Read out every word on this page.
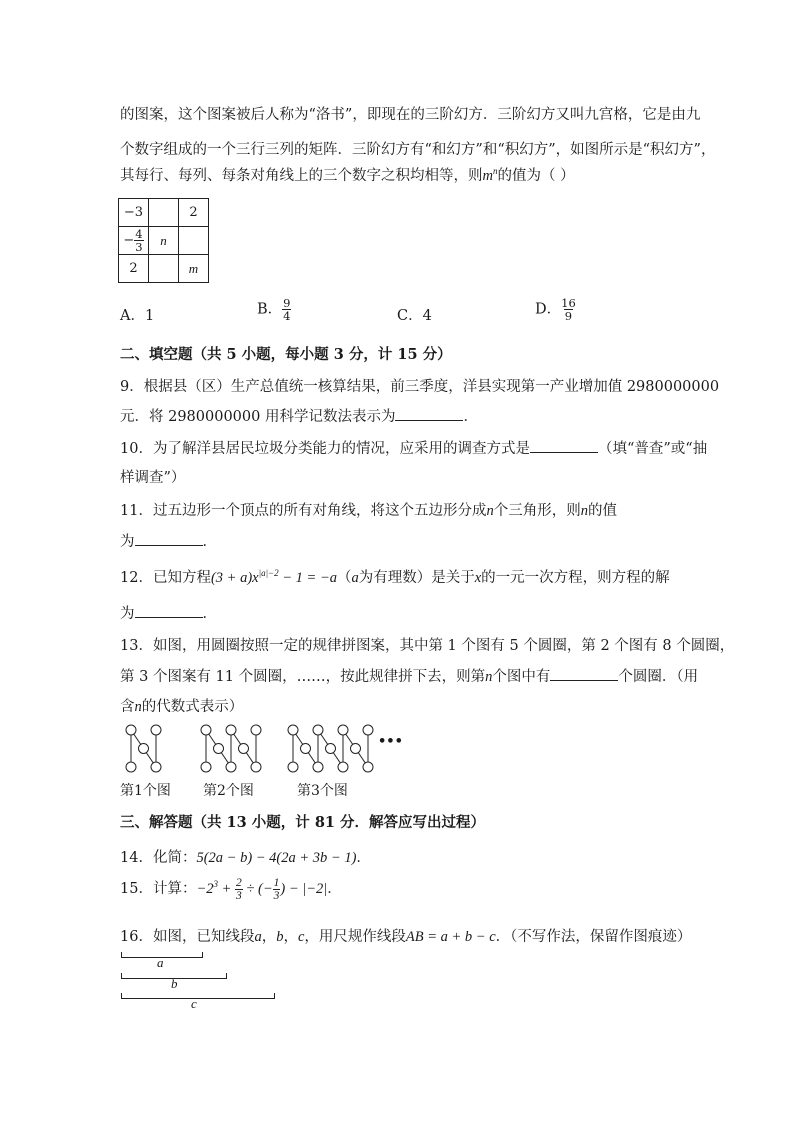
的图案，这个图案被后人称为“洛书”，即现在的三阶幻方．三阶幻方又叫九宫格，它是由九
个数字组成的一个三行三列的矩阵．三阶幻方有“和幻方”和“积幻方”，如图所示是“积幻方”，
其每行、每列、每条对角线上的三个数字之积均相等，则$m^n$的值为（ ）
−3		2
− $\frac{4}{3}$	n	
2		m
A．1	B． $\frac{9}{4}$	C．4	D． $\frac{16}{9}$
二、填空题（共 5 小题，每小题 3 分，计 15 分）
9．根据县（区）生产总值统一核算结果，前三季度，洋县实现第一产业增加值 2980000000
元．将 2980000000 用科学记数法表示为	．
10．为了解洋县居民垃圾分类能力的情况，应采用的调查方式是	（填“普查”或“抽
样调查”）
11．过五边形一个顶点的所有对角线，将这个五边形分成n个三角形，则n的值
为	．
12．已知方程$(3 + a)x^{|a|-2} - 1 = -a(a$为有理数）是关于x的一元一次方程，则方程的解
为	．
13．如图，用圆圈按照一定的规律拼图案，其中第 1 个图有 5 个圆圈，第 2 个图有 8 个圆圈，
第 3 个图案有 11 个圆圈，……，按此规律拼下去，则第n个图中有	个圆圈．（用
含n的代数式表示）
•••
第1个图 第2个图	第3个图
三、解答题（共 13 小题，计 81 分．解答应写出过程）
14．化简：5(2a − b) − 4(2a + 3b − 1)．
15．计算：$-2^3 + \frac{2}{3}$ ÷ (− $\frac{1}{3}$ ) − |−2|．
16．如图，已知线段a，b，c，用尺规作线段AB = a + b − c．（不写作法，保留作图痕迹）
a
b
c
